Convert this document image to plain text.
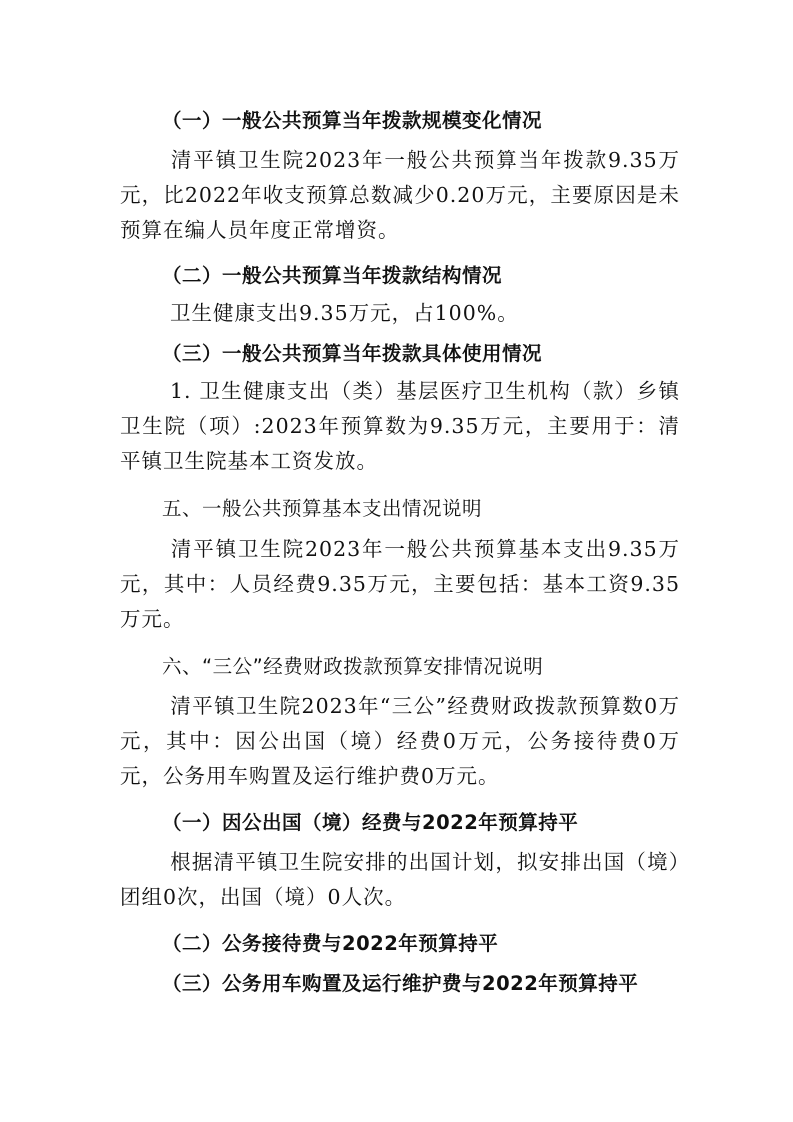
（一）一般公共预算当年拨款规模变化情况

清平镇卫生院2023年一般公共预算当年拨款9.35万元，比2022年收支预算总数减少0.20万元，主要原因是未预算在编人员年度正常增资。

（二）一般公共预算当年拨款结构情况

卫生健康支出9.35万元，占100%。

（三）一般公共预算当年拨款具体使用情况

1. 卫生健康支出（类）基层医疗卫生机构（款）乡镇卫生院（项）:2023年预算数为9.35万元，主要用于：清平镇卫生院基本工资发放。

五、一般公共预算基本支出情况说明

清平镇卫生院2023年一般公共预算基本支出9.35万元，其中：人员经费9.35万元，主要包括：基本工资9.35万元。

六、“三公”经费财政拨款预算安排情况说明

清平镇卫生院2023年“三公”经费财政拨款预算数0万元，其中：因公出国（境）经费0万元，公务接待费0万元，公务用车购置及运行维护费0万元。

（一）因公出国（境）经费与2022年预算持平

根据清平镇卫生院安排的出国计划，拟安排出国（境）团组0次，出国（境）0人次。

（二）公务接待费与2022年预算持平

（三）公务用车购置及运行维护费与2022年预算持平
